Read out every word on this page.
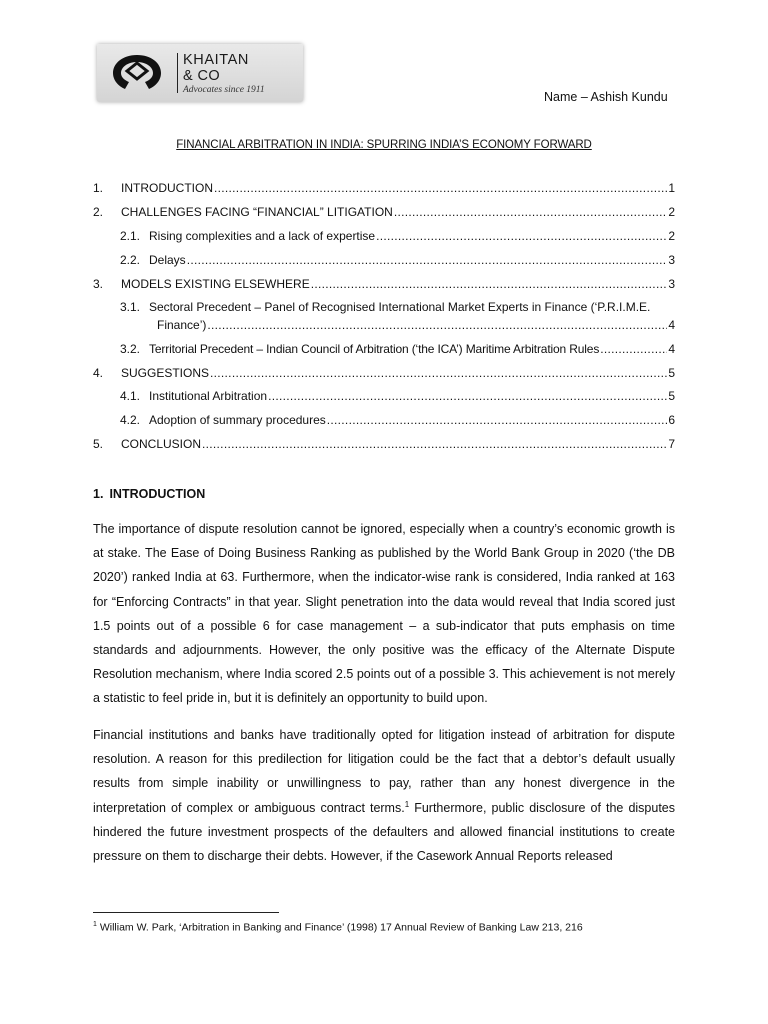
KHAITAN
& CO
Advocates since 1911	Name – Ashish Kundu
FINANCIAL ARBITRATION IN INDIA: SPURRING INDIA’S ECONOMY FORWARD
1.	INTRODUCTION .....	1
2.	CHALLENGES FACING “FINANCIAL” LITIGATION .....	2
2.1. Rising complexities and a lack of expertise .....	2
2.2. Delays .....	3
3.	MODELS EXISTING ELSEWHERE .....	3
3.1. Sectoral Precedent – Panel of Recognised International Market Experts in Finance (‘P.R.I.M.E.
Finance’) .....	4
3.2. Territorial Precedent – Indian Council of Arbitration (‘the ICA’) Maritime Arbitration Rules .....	4
4.	SUGGESTIONS .....	5
4.1. Institutional Arbitration .....	5
4.2. Adoption of summary procedures .....	6
5.	CONCLUSION .....	7
1. INTRODUCTION

The importance of dispute resolution cannot be ignored, especially when a country’s economic growth is at stake. The Ease of Doing Business Ranking as published by the World Bank Group in 2020 (‘the DB 2020’) ranked India at 63. Furthermore, when the indicator-wise rank is considered, India ranked at 163 for “Enforcing Contracts” in that year. Slight penetration into the data would reveal that India scored just 1.5 points out of a possible 6 for case management – a sub-indicator that puts emphasis on time standards and adjournments. However, the only positive was the efficacy of the Alternate Dispute Resolution mechanism, where India scored 2.5 points out of a possible 3. This achievement is not merely a statistic to feel pride in, but it is definitely an opportunity to build upon.

Financial institutions and banks have traditionally opted for litigation instead of arbitration for dispute resolution. A reason for this predilection for litigation could be the fact that a debtor’s default usually results from simple inability or unwillingness to pay, rather than any honest divergence in the interpretation of complex or ambiguous contract terms.$^1$ Furthermore, public disclosure of the disputes hindered the future investment prospects of the defaulters and allowed financial institutions to create pressure on them to discharge their debts. However, if the Casework Annual Reports released

$^1$ William W. Park, ‘Arbitration in Banking and Finance’ (1998) 17 Annual Review of Banking Law 213, 216
